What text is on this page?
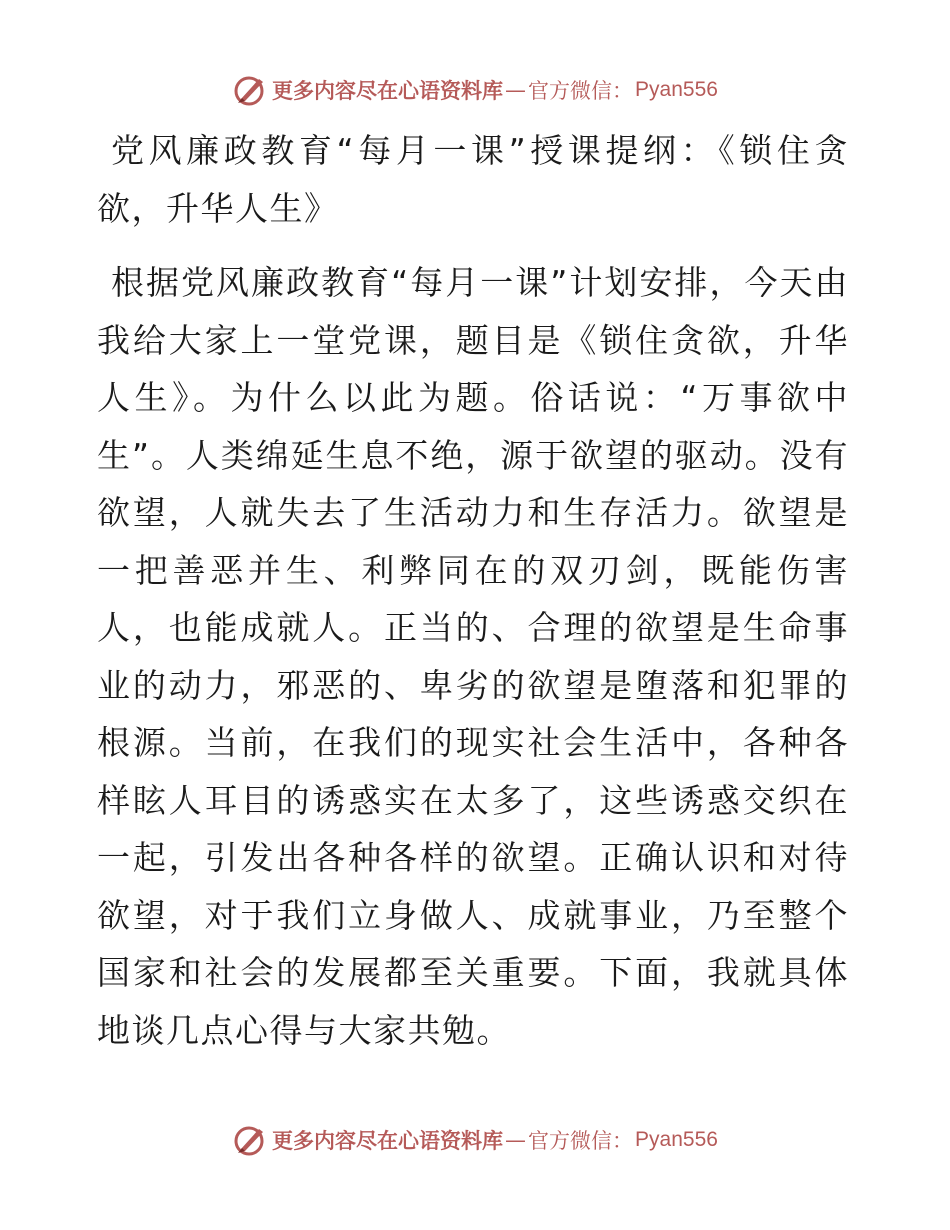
更多内容尽在心语资料库 — 官方微信： Pyan556
党风廉政教育“每月一课”授课提纲：《锁住贪欲，升华人生》

根据党风廉政教育“每月一课”计划安排，今天由我给大家上一堂党课，题目是《锁住贪欲，升华人生》。为什么以此为题。俗话说：“万事欲中生”。人类绵延生息不绝，源于欲望的驱动。没有欲望，人就失去了生活动力和生存活力。欲望是一把善恶并生、利弊同在的双刃剑，既能伤害人，也能成就人。正当的、合理的欲望是生命事业的动力，邪恶的、卑劣的欲望是堕落和犯罪的根源。当前，在我们的现实社会生活中，各种各样眩人耳目的诱惑实在太多了，这些诱惑交织在一起，引发出各种各样的欲望。正确认识和对待欲望，对于我们立身做人、成就事业，乃至整个国家和社会的发展都至关重要。下面，我就具体地谈几点心得与大家共勉。

更多内容尽在心语资料库 — 官方微信： Pyan556
